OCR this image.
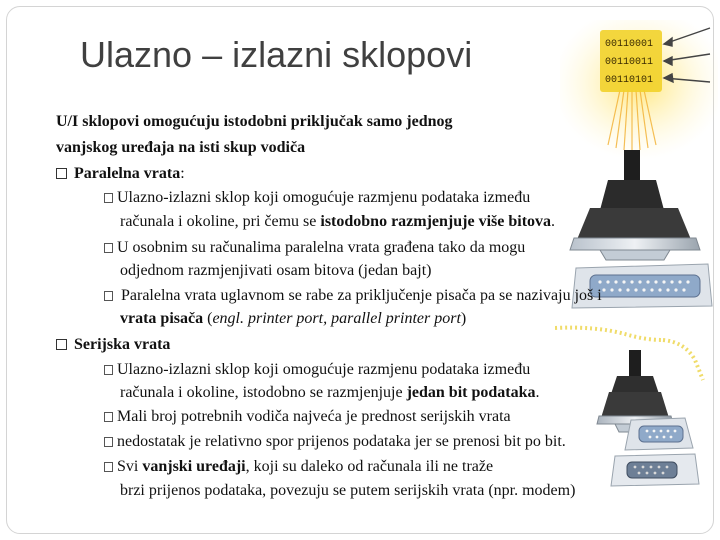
00110001
00110011
00110101
Ulazno – izlazni sklopovi
U/I sklopovi omogućuju istodobni priključak samo jednog
vanjskog uređaja na isti skup vodiča
Paralelna vrata:
Ulazno-izlazni sklop koji omogućuje razmjenu podataka između
računala i okoline, pri čemu se istodobno razmjenjuje više bitova.
U osobnim su računalima paralelna vrata građena tako da mogu
odjednom razmjenjivati osam bitova (jedan bajt)
Paralelna vrata uglavnom se rabe za priključenje pisača pa se nazivaju još i
vrata pisača (engl. printer port, parallel printer port)
Serijska vrata
Ulazno-izlazni sklop koji omogućuje razmjenu podataka između
računala i okoline, istodobno se razmjenjuje jedan bit podataka.
Mali broj potrebnih vodiča najveća je prednost serijskih vrata
nedostatak je relativno spor prijenos podataka jer se prenosi bit po bit.
Svi vanjski uređaji, koji su daleko od računala ili ne traže
brzi prijenos podataka, povezuju se putem serijskih vrata (npr. modem)
